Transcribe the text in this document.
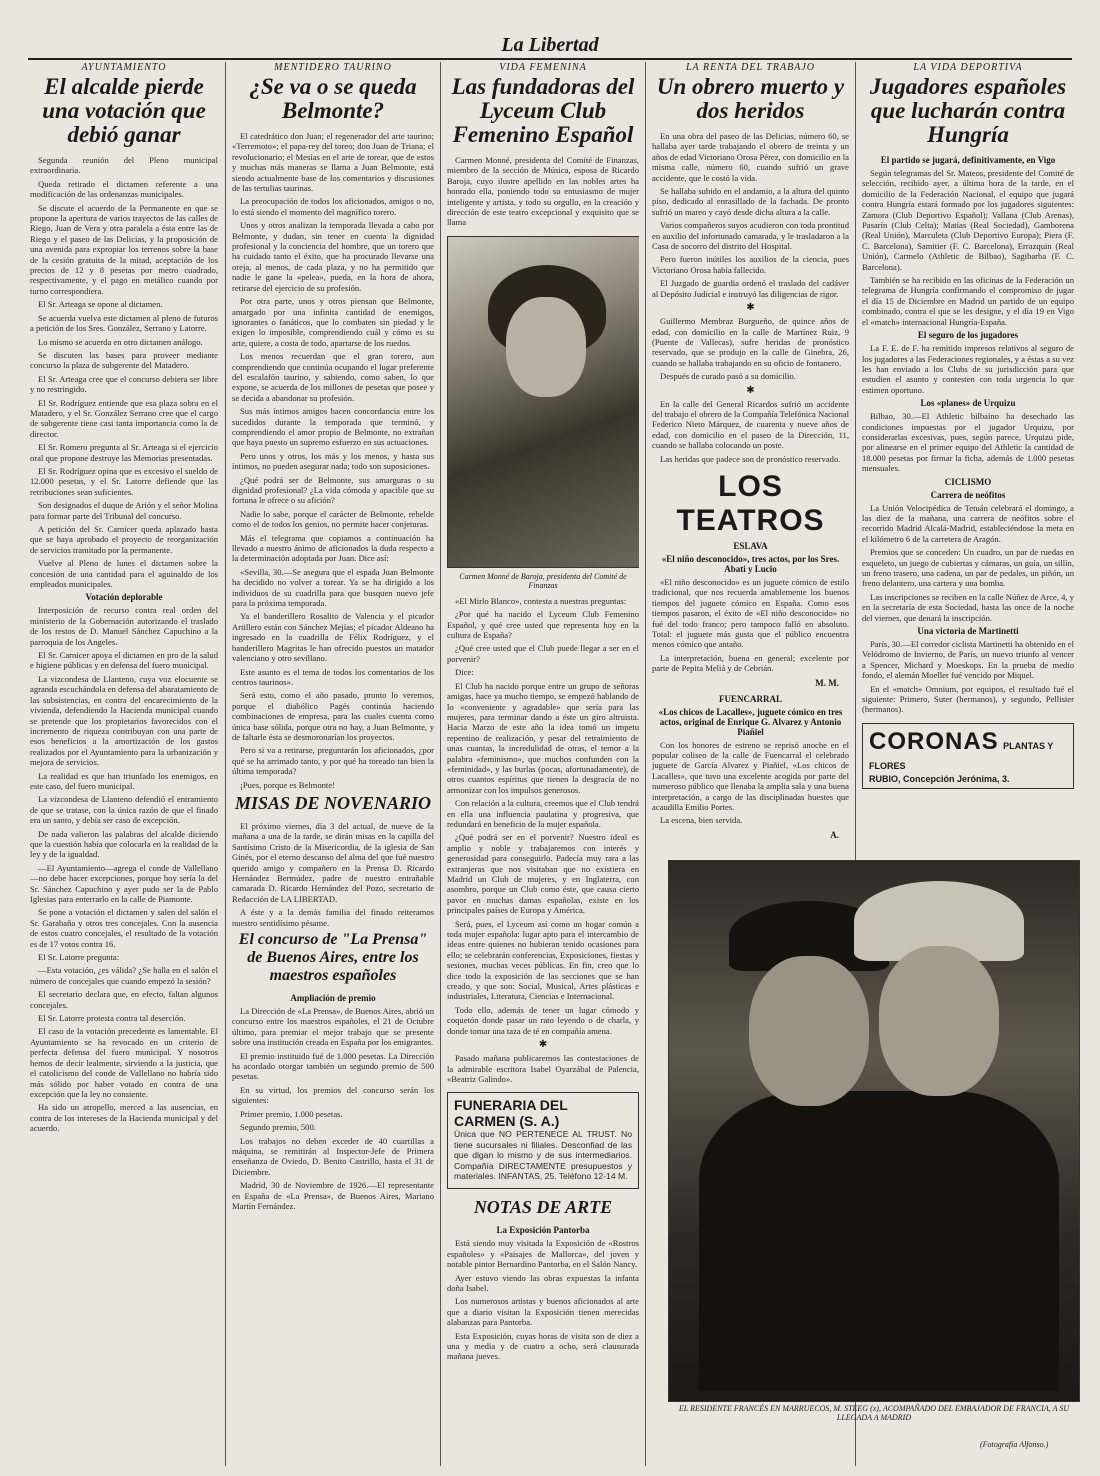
La Libertad
AYUNTAMIENTO
El alcalde pierde una votación que debió ganar

Segunda reunión del Pleno municipal extraordinaria.

Queda retirado el dictamen referente a una modificación de las ordenanzas municipales.

Se discute el acuerdo de la Permanente en que se propone la apertura de varios trayectos de las calles de Riego, Juan de Vera y otra paralela a ésta entre las de Riego y el paseo de las Delicias, y la proposición de una avenida para expropiar los terrenos sobre la base de la cesión gratuita de la mitad, aceptación de los precios de 12 y 8 pesetas por metro cuadrado, respectivamente, y el pago en metálico cuando por turno correspondiera.

El Sr. Arteaga se opone al dictamen.

Se acuerda vuelva este dictamen al pleno de futuros a petición de los Sres. González, Serrano y Latorre.

Lo mismo se acuerda en otro dictamen análogo.

Se discuten las bases para proveer mediante concurso la plaza de subgerente del Matadero.

El Sr. Arteaga cree que el concurso debiera ser libre y no restringido.

El Sr. Rodríguez entiende que esa plaza sobra en el Matadero, y el Sr. González Serrano cree que el cargo de subgerente tiene casi tanta importancia como la de director.

El Sr. Romero pregunta al Sr. Arteaga si el ejercicio oral que propone destruye las Memorias presentadas.

El Sr. Rodríguez opina que es excesivo el sueldo de 12.000 pesetas, y el Sr. Latorre defiende que las retribuciones sean suficientes.

Son designados el duque de Arión y el señor Molina para formar parte del Tribunal del concurso.

A petición del Sr. Carnicer queda aplazado hasta que se haya aprobado el proyecto de reorganización de servicios tramitado por la permanente.

Vuelve al Pleno de lunes el dictamen sobre la concesión de una cantidad para el aguinaldo de los empleados municipales.

Votación deplorable

Interposición de recurso contra real orden del ministerio de la Gobernación autorizando el traslado de los restos de D. Manuel Sánchez Capuchino a la parroquia de los Angeles.

El Sr. Carnicer apoya el dictamen en pro de la salud e higiene públicas y en defensa del fuero municipal.

La vizcondesa de Llanteno, cuya voz elocuente se agranda escuchándola en defensa del abaratamiento de las subsistencias, en contra del encarecimiento de la vivienda, defendiendo la Hacienda municipal cuando se pretende que los propietarios favorecidos con el incremento de riqueza contribuyan con una parte de esos beneficios a la amortización de los gastos realizados por el Ayuntamiento para la urbanización y mejora de servicios.

La realidad es que han triunfado los enemigos, en este caso, del fuero municipal.

La vizcondesa de Llanteno defendió el entramiento de que se tratase, con la única razón de que el finado era un santo, y debía ser caso de excepción.

De nada valieron las palabras del alcalde diciendo que la cuestión había que colocarla en la realidad de la ley y de la igualdad.

—El Ayuntamiento—agrega el conde de Vallellano—no debe hacer excepciones, porque hoy sería la del Sr. Sánchez Capuchino y ayer pudo ser la de Pablo Iglesias para enterrarlo en la calle de Piamonte.

Se pone a votación el dictamen y salen del salón el Sr. Garabaña y otros tres concejales. Con la ausencia de estos cuatro concejales, el resultado de la votación es de 17 votos contra 16.

El Sr. Latorre pregunta:

—Esta votación, ¿es válida? ¿Se halla en el salón el número de concejales que cuando empezó la sesión?

El secretario declara que, en efecto, faltan algunos concejales.

El Sr. Latorre protesta contra tal deserción.

El caso de la votación precedente es lamentable. El Ayuntamiento se ha revocado en un criterio de perfecta defensa del fuero municipal. Y nosotros hemos de decir lealmente, sirviendo a la justicia, que el catolicismo del conde de Vallellano no habría sido más sólido por haber votado en contra de una excepción que la ley no consiente.

Ha sido un atropello, merced a las ausencias, en contra de los intereses de la Hacienda municipal y del acuerdo.

MENTIDERO TAURINO
¿Se va o se queda Belmonte?

El catedrático don Juan; el regenerador del arte taurino; «Terremoto»; el papa-rey del toreo; don Juan de Triana; el revolucionario; el Mesías en el arte de torear, que de estos y muchas más maneras se llama a Juan Belmonte, está siendo actualmente base de los comentarios y discusiones de las tertulias taurinas.

La preocupación de todos los aficionados, amigos o no, lo está siendo el momento del magnífico torero.

Unos y otros analizan la temporada llevada a cabo por Belmonte, y dudan, sin tener en cuenta la dignidad profesional y la conciencia del hombre, que un torero que ha cuidado tanto el éxito, que ha procurado llevarse una oreja, al menos, de cada plaza, y no ha permitido que nadie le gane la «pelea», pueda, en la hora de ahora, retirarse del ejercicio de su profesión.

Por otra parte, unos y otros piensan que Belmonte, amargado por una infinita cantidad de enemigos, ignorantes o fanáticos, que lo combaten sin piedad y le exigen lo imposible, comprendiendo cuál y cómo es su arte, quiere, a costa de todo, apartarse de los ruedos.

Los menos recuerdan que el gran torero, aun comprendiendo que continúa ocupando el lugar preferente del escalafón taurino, y sabiendo, como saben, lo que expone, se acuerda de los millones de pesetas que posee y se decida a abandonar su profesión.

Sus más íntimos amigos hacen concordancia entre los sucedidos durante la temporada que terminó, y comprendiendo el amor propio de Belmonte, no extrañan que haya puesto un supremo esfuerzo en sus actuaciones.

Pero unos y otros, los más y los menos, y hasta sus íntimos, no pueden asegurar nada; todo son suposiciones.

¿Qué podrá ser de Belmonte, sus amarguras o su dignidad profesional? ¿La vida cómoda y apacible que su fortuna le ofrece o su afición?

Nadie lo sabe, porque el carácter de Belmonte, rebelde como el de todos los genios, no permite hacer conjeturas.

Más el telegrama que copiamos a continuación ha llevado a nuestro ánimo de aficionados la duda respecto a la determinación adoptada por Juan. Dice así:

«Sevilla, 30.—Se asegura que el espada Juan Belmonte ha decidido no volver a torear. Ya se ha dirigido a los individuos de su cuadrilla para que busquen nuevo jefe para la próxima temporada.

Ya el banderillero Rosalito de Valencia y el picador Artillero están con Sánchez Mejías; el picador Aldeano ha ingresado en la cuadrilla de Félix Rodríguez, y el banderillero Magritas le han ofrecido puestos un matador valenciano y otro sevillano.

Este asunto es el tema de todos los comentarios de los centros taurinos».

Será esto, como el año pasado, pronto lo veremos, porque el diabólico Pagés continúa haciendo combinaciones de empresa, para las cuales cuenta como única base sólida, porque otra no hay, a Juan Belmonte, y de faltarle ésta se desmoronarían los proyectos.

Pero si va a retirarse, preguntarán los aficionados, ¿por qué se ha arrimado tanto, y por qué ha toreado tan bien la última temporada?

¡Pues, porque es Belmonte!

MISAS DE NOVENARIO

El próximo viernes, día 3 del actual, de nueve de la mañana a una de la tarde, se dirán misas en la capilla del Santísimo Cristo de la Misericordia, de la iglesia de San Ginés, por el eterno descanso del alma del que fué nuestro querido amigo y compañero en la Prensa D. Ricardo Hernández Bermúdez, padre de nuestro entrañable camarada D. Ricardo Hernández del Pozo, secretario de Redacción de LA LIBERTAD.

A éste y a la demás familia del finado reiteramos nuestro sentidísimo pésame.

El concurso de "La Prensa" de Buenos Aires, entre los maestros españoles
Ampliación de premio

La Dirección de «La Prensa», de Buenos Aires, abrió un concurso entre los maestros españoles, el 21 de Octubre último, para premiar el mejor trabajo que se presente sobre una institución creada en España por los emigrantes.

El premio instituido fué de 1.000 pesetas. La Dirección ha acordado otorgar también un segundo premio de 500 pesetas.

En su virtud, los premios del concurso serán los siguientes:

Primer premio, 1.000 pesetas.

Segundo premio, 500.

Los trabajos no deben exceder de 40 cuartillas a máquina, se remitirán al Inspector-Jefe de Primera enseñanza de Oviedo, D. Benito Castrillo, hasta el 31 de Diciembre.

Madrid, 30 de Noviembre de 1926.—El representante en España de «La Prensa», de Buenos Aires, Mariano Martín Fernández.

VIDA FEMENINA
Las fundadoras del Lyceum Club Femenino Español

Carmen Monné, presidenta del Comité de Finanzas, miembro de la sección de Música, esposa de Ricardo Baroja, cuyo ilustre apellido en las nobles artes ha honrado ella, poniendo todo su entusiasmo de mujer inteligente y artista, y todo su orgullo, en la creación y dirección de este teatro excepcional y exquisito que se llama

Carmen Monné de Baroja, presidenta del Comité de Finanzas

«El Mirlo Blanco», contesta a nuestras preguntas:

¿Por qué ha nacido el Lyceum Club Femenino Español, y qué cree usted que representa hoy en la cultura de España?

¿Qué cree usted que el Club puede llegar a ser en el porvenir?

Dice:

El Club ha nacido porque entre un grupo de señoras amigas, hace ya mucho tiempo, se empezó hablando de lo «conveniente y agradable» que sería para las mujeres, para terminar dando a éste un giro altruista. Hacia Marzo de este año la idea tomó un impetu repentino de realización, y pesar del retraimiento de unas cuantas, la incredulidad de otras, el temor a la palabra «feminismo», que muchos confunden con la «feminidad», y las burlas (pocas, afortunadamente), de otros cuantos espíritus que tienen la desgracia de no armonizar con los impulsos generosos.

Con relación a la cultura, creemos que el Club tendrá en ella una influencia paulatina y progresiva, que redundará en beneficio de la mujer española.

¿Qué podrá ser en el porvenir? Nuestro ideal es amplio y noble y trabajaremos con interés y generosidad para conseguirlo. Padecía muy rara a las extranjeras que nos visitaban que no existiera en Madrid un Club de mujeres, y en Inglaterra, con asombro, porque un Club como éste, que causa cierto pavor en muchas damas españolas, existe en los principales países de Europa y América.

Será, pues, el Lyceum así como un hogar común a toda mujer española: lugar apto para el intercambio de ideas entre quienes no hubieran tenido ocasiones para ello; se celebrarán conferencias, Exposiciones, fiestas y sesiones, muchas veces públicas. En fin, creo que lo dice todo la exposición de las secciones que se han creado, y que son: Social, Musical, Artes plásticas e industriales, Literatura, Ciencias e Internacional.

Todo ello, además de tener un lugar cómodo y coquetón donde pasar un rato leyendo o de charla, y donde tomar una taza de té en compañía amena.

✱

Pasado mañana publicaremos las contestaciones de la admirable escritora Isabel Oyarzábal de Palencia, «Beatriz Galindo».

FUNERARIA DEL CARMEN (S. A.)

Única que NO PERTENECE AL TRUST. No tiene sucursales ni filiales. Desconfiad de las que digan lo mismo y de sus intermediarios. Compañía DIRECTAMENTE presupuestos y materiales. INFANTAS, 25. Teléfono 12-14 M.

NOTAS DE ARTE
La Exposición Pantorba

Está siendo muy visitada la Exposición de «Rostros españoles» y «Paisajes de Mallorca», del joven y notable pintor Bernardino Pantorba, en el Salón Nancy.

Ayer estuvo viendo las obras expuestas la infanta doña Isabel.

Los numerosos artistas y buenos aficionados al arte que a diario visitan la Exposición tienen merecidas alabanzas para Pantorba.

Esta Exposición, cuyas horas de visita son de diez a una y media y de cuatro a ocho, será clausurada mañana jueves.

LA RENTA DEL TRABAJO
Un obrero muerto y dos heridos

En una obra del paseo de las Delicias, número 60, se hallaba ayer tarde trabajando el obrero de treinta y un años de edad Victoriano Orosa Pérez, con domicilio en la misma calle, número 60, cuando sufrió un grave accidente, que le costó la vida.

Se hallaba subido en el andamio, a la altura del quinto piso, dedicado al enrasillado de la fachada. De pronto sufrió un mareo y cayó desde dicha altura a la calle.

Varios compañeros suyos acudieron con toda prontitud en auxilio del infortunado camarada, y le trasladaron a la Casa de socorro del distrito del Hospital.

Pero fueron inútiles los auxilios de la ciencia, pues Victoriano Orosa había fallecido.

El Juzgado de guardia ordenó el traslado del cadáver al Depósito Judicial e instruyó las diligencias de rigor.

✱

Guillermo Membraz Burgueño, de quince años de edad, con domicilio en la calle de Martínez Ruiz, 9 (Puente de Vallecas), sufre heridas de pronóstico reservado, que se produjo en la calle de Ginebra, 26, cuando se hallaba trabajando en su oficio de fontanero.

Después de curado pasó a su domicilio.

✱

En la calle del General Ricardos sufrió un accidente del trabajo el obrero de la Compañía Telefónica Nacional Federico Nieto Márquez, de cuarenta y nueve años de edad, con domicilio en el paseo de la Dirección, 11, cuando se hallaba colocando un poste.

Las heridas que padece son de pronóstico reservado.

LOS TEATROS
ESLAVA
«El niño desconocido», tres actos, por los Sres. Abati y Lucio

«El niño desconocido» es un juguete cómico de estilo tradicional, que nos recuerda amablemente los buenos tiempos del juguete cómico en España. Como esos tiempos pasaron, el éxito de «El niño desconocido» no fué del todo franco; pero tampoco falló en absoluto. Total: el juguete más gusta que el público encuentra menos cómico que antaño.

La interpretación, buena en general; excelente por parte de Pepita Meliá y de Cebrián.

M. M.
FUENCARRAL
«Los chicos de Lacalles», juguete cómico en tres actos, original de Enrique G. Alvarez y Antonio Piañiel

Con los honores de estreno se reprisó anoche en el popular coliseo de la calle de Fuencarral el celebrado juguete de García Alvarez y Piañiel, «Los chicos de Lacalles», que tuvo una excelente acogida por parte del numeroso público que llenaba la amplia sala y una buena interpretación, a cargo de las disciplinadas huestes que acaudilla Emilio Portes.

La escena, bien servida.

A.
LA VIDA DEPORTIVA
Jugadores españoles que lucharán contra Hungría
El partido se jugará, definitivamente, en Vigo

Según telegramas del Sr. Mateos, presidente del Comité de selección, recibido ayer, a última hora de la tarde, en el domicilio de la Federación Nacional, el equipo que jugará contra Hungría estará formado por los jugadores siguientes: Zamora (Club Deportivo Español); Vallana (Club Arenas), Pasarín (Club Celta); Matías (Real Sociedad), Gamborena (Real Unión), Marculeta (Club Deportivo Europa); Piera (F. C. Barcelona), Samitier (F. C. Barcelona), Errazquin (Real Unión), Carmelo (Athletic de Bilbao), Sagibarba (F. C. Barcelona).

También se ha recibido en las oficinas de la Federación un telegrama de Hungría confirmando el compromiso de jugar el día 15 de Diciembre en Madrid un partido de un equipo combinado, contra el que se les designe, y el día 19 en Vigo el «match» internacional Hungría-España.

El seguro de los jugadores

La F. E. de F. ha remitido impresos relativos al seguro de los jugadores a las Federaciones regionales, y a éstas a su vez les han enviado a los Clubs de su jurisdicción para que estudien el asunto y contesten con toda urgencia lo que estimen oportuno.

Los «planes» de Urquizu

Bilbao, 30.—El Athletic bilbaíno ha desechado las condiciones impuestas por el jugador Urquizu, por considerarlas excesivas, pues, según parece, Urquizu pide, por alinearse en el primer equipo del Athletic la cantidad de 18.000 pesetas por firmar la ficha, además de 1.000 pesetas mensuales.

CICLISMO
Carrera de neófitos

La Unión Velocipédica de Tetuán celebrará el domingo, a las diez de la mañana, una carrera de neófitos sobre el recorrido Madrid Alcalá-Madrid, estableciéndose la meta en el kilómetro 6 de la carretera de Aragón.

Premios que se conceden: Un cuadro, un par de ruedas en esqueleto, un juego de cubiertas y cámaras, un guía, un sillín, un freno trasero, una cadena, un par de pedales, un piñón, un freno delantero, una cartera y una bomba.

Las inscripciones se reciben en la calle Núñez de Arce, 4, y en la secretaría de esta Sociedad, hasta las once de la noche del viernes, que denará la inscripción.

Una victoria de Martinetti

París, 30.—El corredor ciclista Martinetti ha obtenido en el Velódromo de Invierno, de París, un nuevo triunfo al vencer a Spencer, Michard y Moeskops. En la prueba de medio fondo, el alemán Moeller fué vencido por Miquel.

En el «match» Omnium, por equipos, el resultado fué el siguiente: Primero, Suter (hermanos), y segundo, Pellisier (hermanos).

CORONAS PLANTAS Y FLORES
RUBIO, Concepción Jerónima, 3.
EL RESIDENTE FRANCÉS EN MARRUECOS, M. STEEG (x), ACOMPAÑADO DEL EMBAJADOR DE FRANCIA, A SU LLEGADA A MADRID
(Fotografía Alfonso.)
